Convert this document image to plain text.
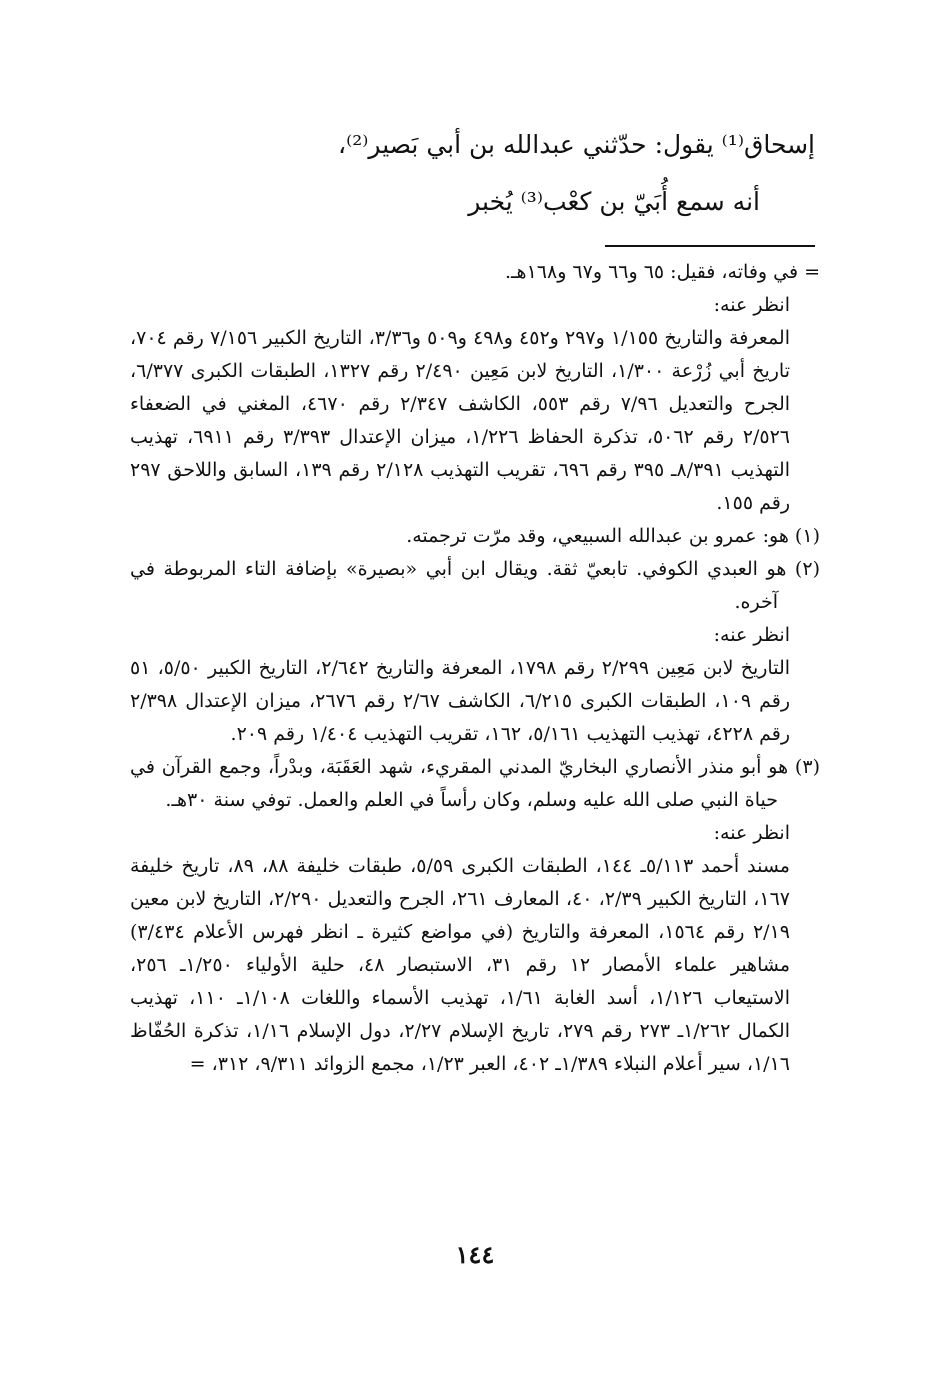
إسحاق⁽¹⁾ يقول: حدّثني عبدالله بن أبي بَصير⁽²⁾،
أنه سمع أُبَيّ بن كعْب⁽³⁾ يُخبر

= في وفاته، فقيل: ٦٥ و٦٦ و٦٧ و١٦٨هـ.

انظر عنه:

المعرفة والتاريخ ١/١٥٥ و٢٩٧ و٤٥٢ و٤٩٨ و٥٠٩ و٣/٣٦، التاريخ الكبير ٧/١٥٦ رقم ٧٠٤، تاريخ أبي زُرْعة ١/٣٠٠، التاريخ لابن مَعِين ٢/٤٩٠ رقم ١٣٢٧، الطبقات الكبرى ٦/٣٧٧، الجرح والتعديل ٧/٩٦ رقم ٥٥٣، الكاشف ٢/٣٤٧ رقم ٤٦٧٠، المغني في الضعفاء ٢/٥٢٦ رقم ٥٠٦٢، تذكرة الحفاظ ١/٢٢٦، ميزان الإعتدال ٣/٣٩٣ رقم ٦٩١١، تهذيب التهذيب ٨/٣٩١ـ ٣٩٥ رقم ٦٩٦، تقريب التهذيب ٢/١٢٨ رقم ١٣٩، السابق واللاحق ٢٩٧ رقم ١٥٥.

(١) هو: عمرو بن عبدالله السبيعي، وقد مرّت ترجمته.

(٢) هو العبدي الكوفي. تابعيّ ثقة. ويقال ابن أبي «بصيرة» بإضافة التاء المربوطة في آخره.

انظر عنه:

التاريخ لابن مَعِين ٢/٢٩٩ رقم ١٧٩٨، المعرفة والتاريخ ٢/٦٤٢، التاريخ الكبير ٥/٥٠، ٥١ رقم ١٠٩، الطبقات الكبرى ٦/٢١٥، الكاشف ٢/٦٧ رقم ٢٦٧٦، ميزان الإعتدال ٢/٣٩٨ رقم ٤٢٢٨، تهذيب التهذيب ٥/١٦١، ١٦٢، تقريب التهذيب ١/٤٠٤ رقم ٢٠٩.

(٣) هو أبو منذر الأنصاري البخاريّ المدني المقريء، شهد العَقَبَة، وبدْراً، وجمع القرآن في حياة النبي صلى الله عليه وسلم، وكان رأساً في العلم والعمل. توفي سنة ٣٠هـ.

انظر عنه:

مسند أحمد ٥/١١٣ـ ١٤٤، الطبقات الكبرى ٥/٥٩، طبقات خليفة ٨٨، ٨٩، تاريخ خليفة ١٦٧، التاريخ الكبير ٢/٣٩، ٤٠، المعارف ٢٦١، الجرح والتعديل ٢/٢٩٠، التاريخ لابن معين ٢/١٩ رقم ١٥٦٤، المعرفة والتاريخ (في مواضع كثيرة ـ انظر فهرس الأعلام ٣/٤٣٤) مشاهير علماء الأمصار ١٢ رقم ٣١، الاستبصار ٤٨، حلية الأولياء ١/٢٥٠ـ ٢٥٦، الاستيعاب ١/١٢٦، أسد الغابة ١/٦١، تهذيب الأسماء واللغات ١/١٠٨ـ ١١٠، تهذيب الكمال ١/٢٦٢ـ ٢٧٣ رقم ٢٧٩، تاريخ الإسلام ٢/٢٧، دول الإسلام ١/١٦، تذكرة الحُفّاظ ١/١٦، سير أعلام النبلاء ١/٣٨٩ـ ٤٠٢، العبر ١/٢٣، مجمع الزوائد ٩/٣١١، ٣١٢، =

١٤٤
